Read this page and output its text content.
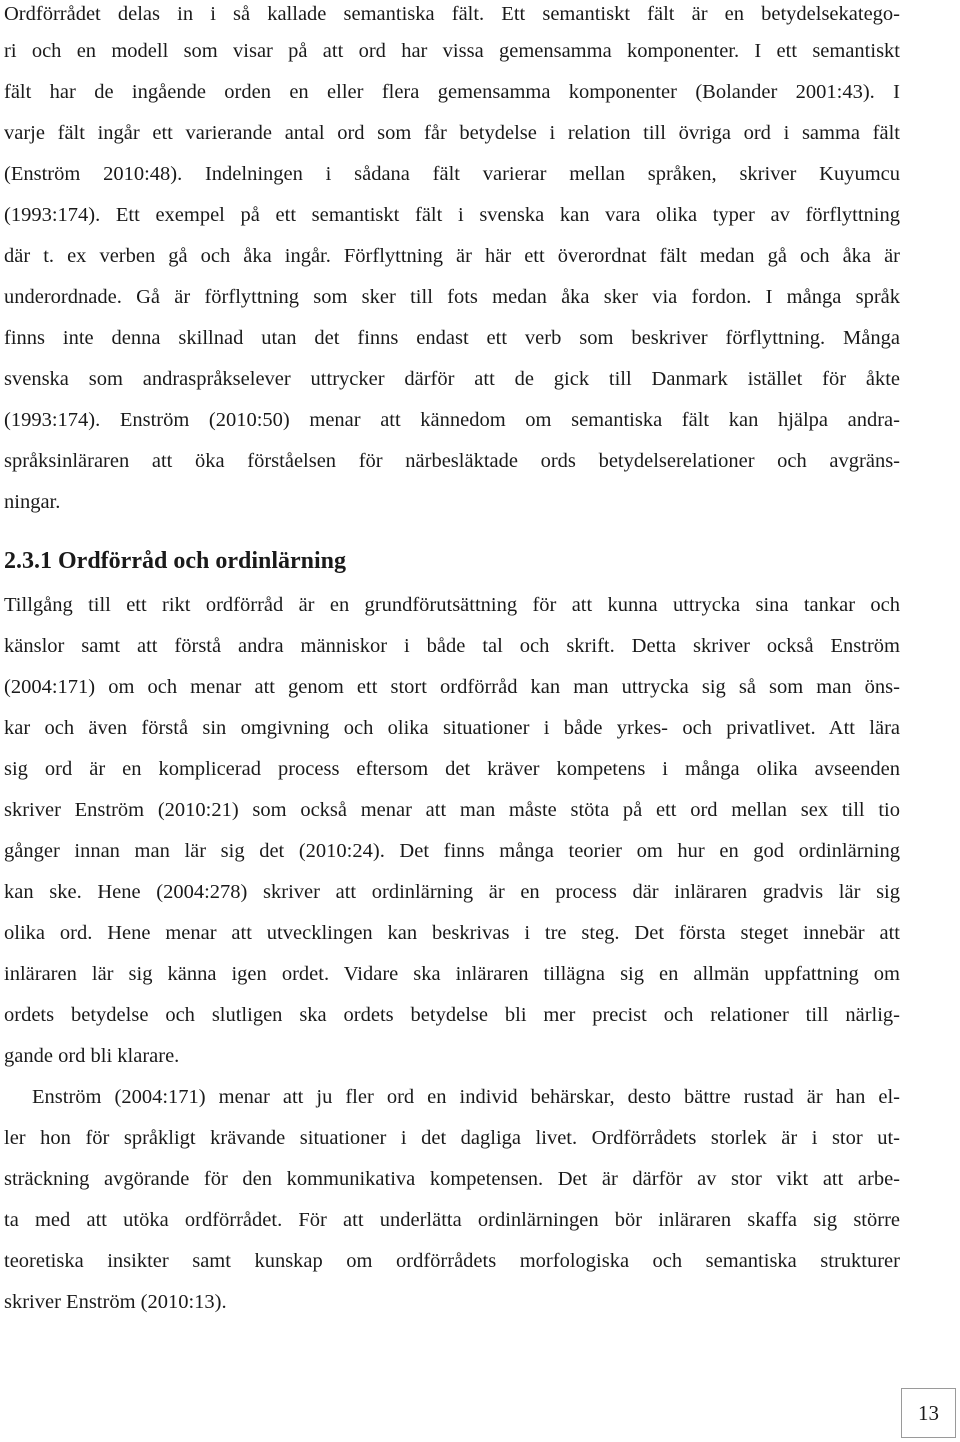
Ordförrådet delas in i så kallade semantiska fält. Ett semantiskt fält är en betydelsekatego-
ri och en modell som visar på att ord har vissa gemensamma komponenter. I ett semantiskt
fält har de ingående orden en eller flera gemensamma komponenter (Bolander 2001:43). I
varje fält ingår ett varierande antal ord som får betydelse i relation till övriga ord i samma fält
(Enström 2010:48). Indelningen i sådana fält varierar mellan språken, skriver Kuyumcu
(1993:174). Ett exempel på ett semantiskt fält i svenska kan vara olika typer av förflyttning
där t. ex verben gå och åka ingår. Förflyttning är här ett överordnat fält medan gå och åka är
underordnade. Gå är förflyttning som sker till fots medan åka sker via fordon. I många språk
finns inte denna skillnad utan det finns endast ett verb som beskriver förflyttning. Många
svenska som andraspråkselever uttrycker därför att de gick till Danmark istället för åkte
(1993:174). Enström (2010:50) menar att kännedom om semantiska fält kan hjälpa andra-
språksinläraren att öka förståelsen för närbesläktade ords betydelserelationer och avgräns-
ningar.
2.3.1 Ordförråd och ordinlärning
Tillgång till ett rikt ordförråd är en grundförutsättning för att kunna uttrycka sina tankar och
känslor samt att förstå andra människor i både tal och skrift. Detta skriver också Enström
(2004:171) om och menar att genom ett stort ordförråd kan man uttrycka sig så som man öns-
kar och även förstå sin omgivning och olika situationer i både yrkes- och privatlivet. Att lära
sig ord är en komplicerad process eftersom det kräver kompetens i många olika avseenden
skriver Enström (2010:21) som också menar att man måste stöta på ett ord mellan sex till tio
gånger innan man lär sig det (2010:24). Det finns många teorier om hur en god ordinlärning
kan ske. Hene (2004:278) skriver att ordinlärning är en process där inläraren gradvis lär sig
olika ord. Hene menar att utvecklingen kan beskrivas i tre steg. Det första steget innebär att
inläraren lär sig känna igen ordet. Vidare ska inläraren tillägna sig en allmän uppfattning om
ordets betydelse och slutligen ska ordets betydelse bli mer precist och relationer till närlig-
gande ord bli klarare.
Enström (2004:171) menar att ju fler ord en individ behärskar, desto bättre rustad är han el-
ler hon för språkligt krävande situationer i det dagliga livet. Ordförrådets storlek är i stor ut-
sträckning avgörande för den kommunikativa kompetensen. Det är därför av stor vikt att arbe-
ta med att utöka ordförrådet. För att underlätta ordinlärningen bör inläraren skaffa sig större
teoretiska insikter samt kunskap om ordförrådets morfologiska och semantiska strukturer
skriver Enström (2010:13).
13
